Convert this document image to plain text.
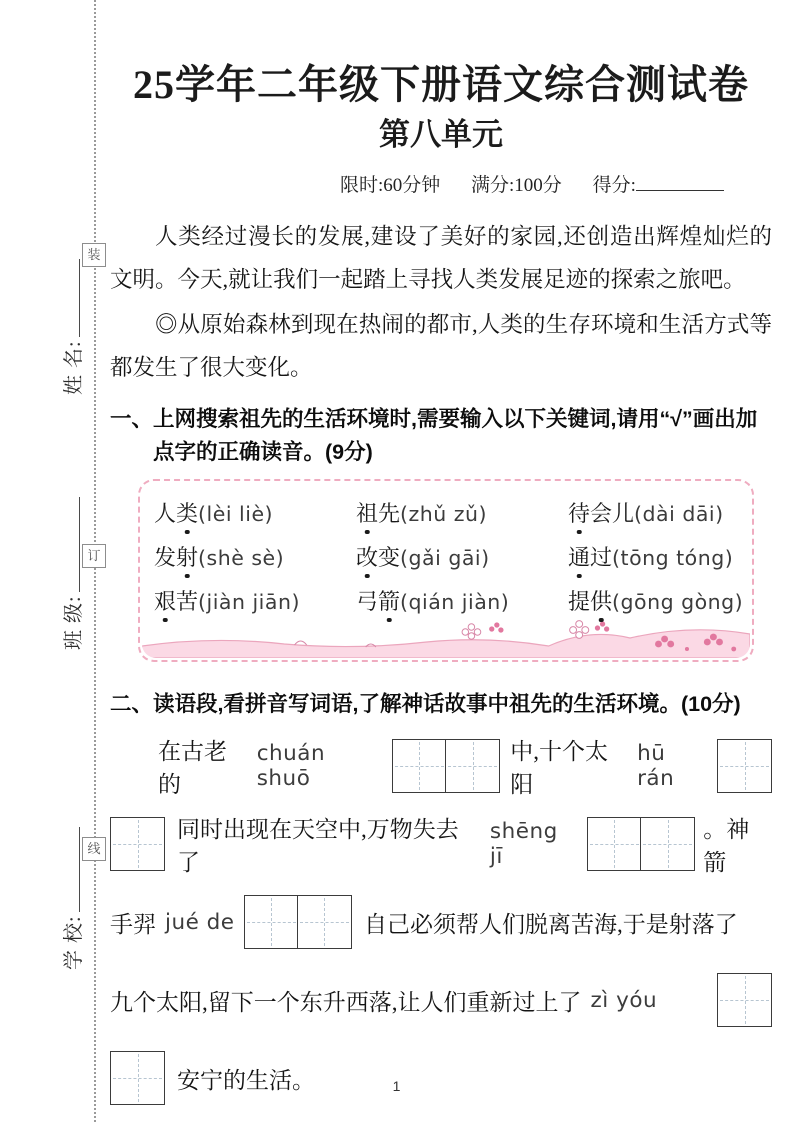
装
订
线
姓 名:
班 级:
学 校:
25学年二年级下册语文综合测试卷
第八单元
限时:60分钟 满分:100分 得分:

人类经过漫长的发展,建设了美好的家园,还创造出辉煌灿烂的文明。今天,就让我们一起踏上寻找人类发展足迹的探索之旅吧。

◎从原始森林到现在热闹的都市,人类的生存环境和生活方式等都发生了很大变化。

一、 上网搜索祖先的生活环境时,需要输入以下关键词,请用“√”画出加点字的正确读音。(9分)
人类(lèi liè)	祖先(zhǔ zǔ)	待会儿(dài dāi)
发射(shè sè)	改变(gǎi gāi)	通过(tōng tóng)
艰苦(jiàn jiān)	弓箭(qián jiàn)	提供(gōng gòng)
二、 读语段,看拼音写词语,了解神话故事中祖先的生活环境。(10分)
在古老的
chuán shuō
中,十个太阳
hū rán
同时出现在天空中,万物失去了
shēng jī
。神箭
手羿 jué de	自己必须帮人们脱离苦海,于是射落了
九个太阳,留下一个东升西落,让人们重新过上了 zì yóu
安宁的生活。	1
